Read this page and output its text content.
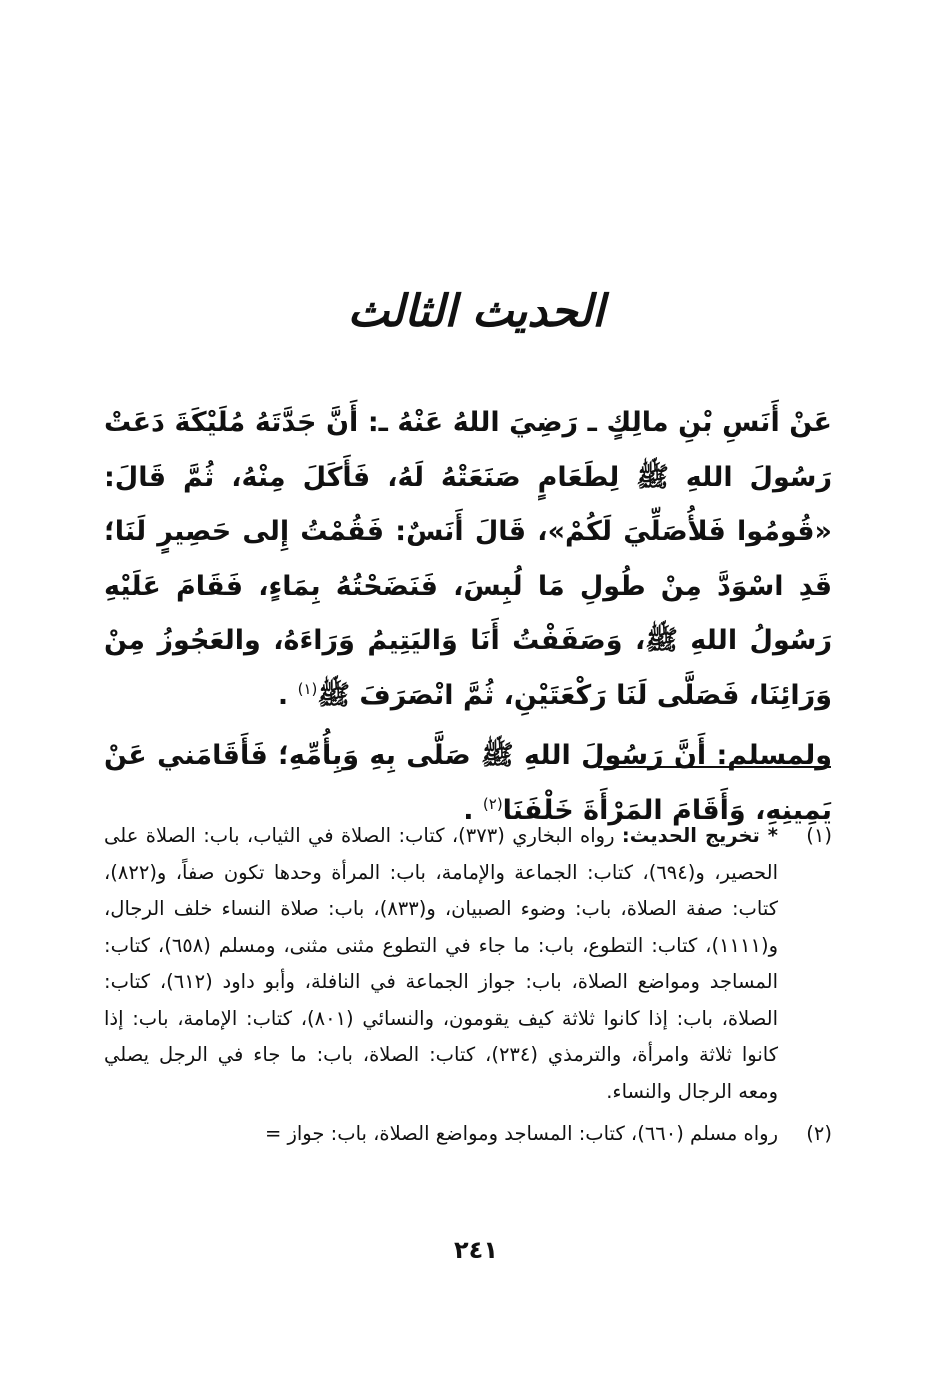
الحديث الثالث

عَنْ أَنَسِ بْنِ مالِكٍ ـ رَضِيَ اللهُ عَنْهُ ـ: أَنَّ جَدَّتَهُ مُلَيْكَةَ دَعَتْ رَسُولَ اللهِ ﷺ لِطَعَامٍ صَنَعَتْهُ لَهُ، فَأَكَلَ مِنْهُ، ثُمَّ قَالَ: «قُومُوا فَلأُصَلِّيَ لَكُمْ»، قَالَ أَنَسٌ: فَقُمْتُ إِلى حَصِيرٍ لَنَا؛ قَدِ اسْوَدَّ مِنْ طُولِ مَا لُبِسَ، فَنَضَحْتُهُ بِمَاءٍ، فَقَامَ عَلَيْهِ رَسُولُ اللهِ ﷺ، وَصَفَفْتُ أَنَا وَاليَتِيمُ وَرَاءَهُ، والعَجُوزُ مِنْ وَرَائِنَا، فَصَلَّى لَنَا رَكْعَتَيْنِ، ثُمَّ انْصَرَفَ ﷺ$^{(١)}$ .

ولمسلم: أَنَّ رَسُولَ اللهِ ﷺ صَلَّى بِهِ وَبِأُمِّهِ؛ فَأَقَامَني عَنْ يَمِينِهِ، وَأَقَامَ المَرْأَةَ خَلْفَنَا$^{(٢)}$ .

(١)
* تخريج الحديث: رواه البخاري (٣٧٣)، كتاب: الصلاة في الثياب، باب: الصلاة على الحصير، و(٦٩٤)، كتاب: الجماعة والإمامة، باب: المرأة وحدها تكون صفاً، و(٨٢٢)، كتاب: صفة الصلاة، باب: وضوء الصبيان، و(٨٣٣)، باب: صلاة النساء خلف الرجال، و(١١١١)، كتاب: التطوع، باب: ما جاء في التطوع مثنى مثنى، ومسلم (٦٥٨)، كتاب: المساجد ومواضع الصلاة، باب: جواز الجماعة في النافلة، وأبو داود (٦١٢)، كتاب: الصلاة، باب: إذا كانوا ثلاثة كيف يقومون، والنسائي (٨٠١)، كتاب: الإمامة، باب: إذا كانوا ثلاثة وامرأة، والترمذي (٢٣٤)، كتاب: الصلاة، باب: ما جاء في الرجل يصلي ومعه الرجال والنساء.
(٢)
رواه مسلم (٦٦٠)، كتاب: المساجد ومواضع الصلاة، باب: جواز =
٢٤١
